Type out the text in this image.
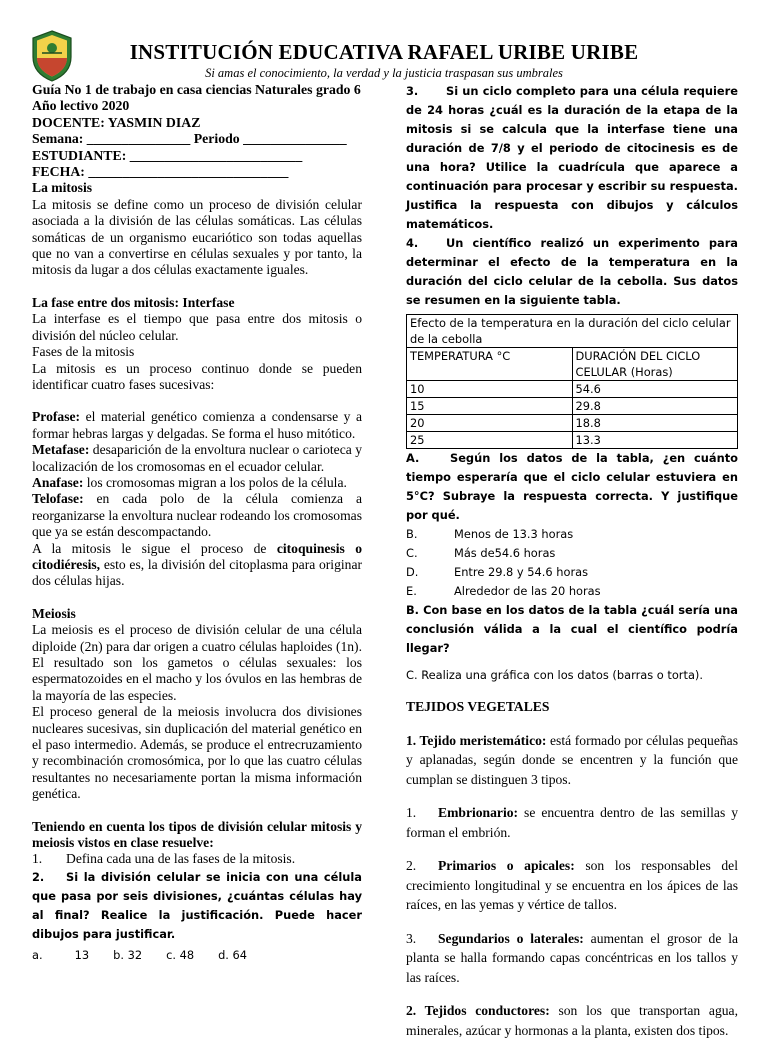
INSTITUCIÓN EDUCATIVA RAFAEL URIBE URIBE
Si amas el conocimiento, la verdad y la justicia traspasan sus umbrales

Guía No 1 de trabajo en casa ciencias Naturales grado 6

Año lectivo 2020

DOCENTE: YASMIN DIAZ

Semana: _______________ Periodo _______________

ESTUDIANTE: _________________________

FECHA: _____________________________

La mitosis

La mitosis se define como un proceso de división celular asociada a la división de las células somáticas. Las células somáticas de un organismo eucariótico son todas aquellas que no van a convertirse en células sexuales y por tanto, la mitosis da lugar a dos células exactamente iguales.

La fase entre dos mitosis: Interfase

La interfase es el tiempo que pasa entre dos mitosis o división del núcleo celular.

Fases de la mitosis

La mitosis es un proceso continuo donde se pueden identificar cuatro fases sucesivas:

Profase: el material genético comienza a condensarse y a formar hebras largas y delgadas. Se forma el huso mitótico.

Metafase: desaparición de la envoltura nuclear o carioteca y localización de los cromosomas en el ecuador celular.

Anafase: los cromosomas migran a los polos de la célula.

Telofase: en cada polo de la célula comienza a reorganizarse la envoltura nuclear rodeando los cromosomas que ya se están descompactando.

A la mitosis le sigue el proceso de citoquinesis o citodiéresis, esto es, la división del citoplasma para originar dos células hijas.

Meiosis

La meiosis es el proceso de división celular de una célula diploide (2n) para dar origen a cuatro células haploides (1n). El resultado son los gametos o células sexuales: los espermatozoides en el macho y los óvulos en las hembras de la mayoría de las especies.

El proceso general de la meiosis involucra dos divisiones nucleares sucesivas, sin duplicación del material genético en el paso intermedio. Además, se produce el entrecruzamiento y recombinación cromosómica, por lo que las cuatro células resultantes no necesariamente portan la misma información genética.

Teniendo en cuenta los tipos de división celular mitosis y meiosis vistos en clase resuelve:

1. Defina cada una de las fases de la mitosis.

2. Si la división celular se inicia con una célula que pasa por seis divisiones, ¿cuántas células hay al final? Realice la justificación. Puede hacer dibujos para justificar.

a.	13 b. 32 c. 48 d. 64

3. Si un ciclo completo para una célula requiere de 24 horas ¿cuál es la duración de la etapa de la mitosis si se calcula que la interfase tiene una duración de 7/8 y el periodo de citocinesis es de una hora? Utilice la cuadrícula que aparece a continuación para procesar y escribir su respuesta. Justifica la respuesta con dibujos y cálculos matemáticos.

4. Un científico realizó un experimento para determinar el efecto de la temperatura en la duración del ciclo celular de la cebolla. Sus datos se resumen en la siguiente tabla.

Efecto de la temperatura en la duración del ciclo celular de la cebolla	
TEMPERATURA °C	DURACIÓN DEL CICLO CELULAR (Horas)
10	54.6
15	29.8
20	18.8
25	13.3

A.	Según los datos de la tabla, ¿en cuánto tiempo esperaría que el ciclo celular estuviera en 5°C? Subraye la respuesta correcta. Y justifique por qué.

B.	Menos de 13.3 horas
C.	Más de54.6 horas
D.	Entre 29.8 y 54.6 horas
E.	Alrededor de las 20 horas

B. Con base en los datos de la tabla ¿cuál sería una conclusión válida a la cual el científico podría llegar?

C. Realiza una gráfica con los datos (barras o torta).

TEJIDOS VEGETALES

1. Tejido meristemático: está formado por células pequeñas y aplanadas, según donde se encentren y la función que cumplan se distinguen 3 tipos.

1. Embrionario: se encuentra dentro de las semillas y forman el embrión.

2. Primarios o apicales: son los responsables del crecimiento longitudinal y se encuentra en los ápices de las raíces, en las yemas y vértice de tallos.

3. Segundarios o laterales: aumentan el grosor de la planta se halla formando capas concéntricas en los tallos y las raíces.

2. Tejidos conductores: son los que transportan agua, minerales, azúcar y hormonas a la planta, existen dos tipos.
